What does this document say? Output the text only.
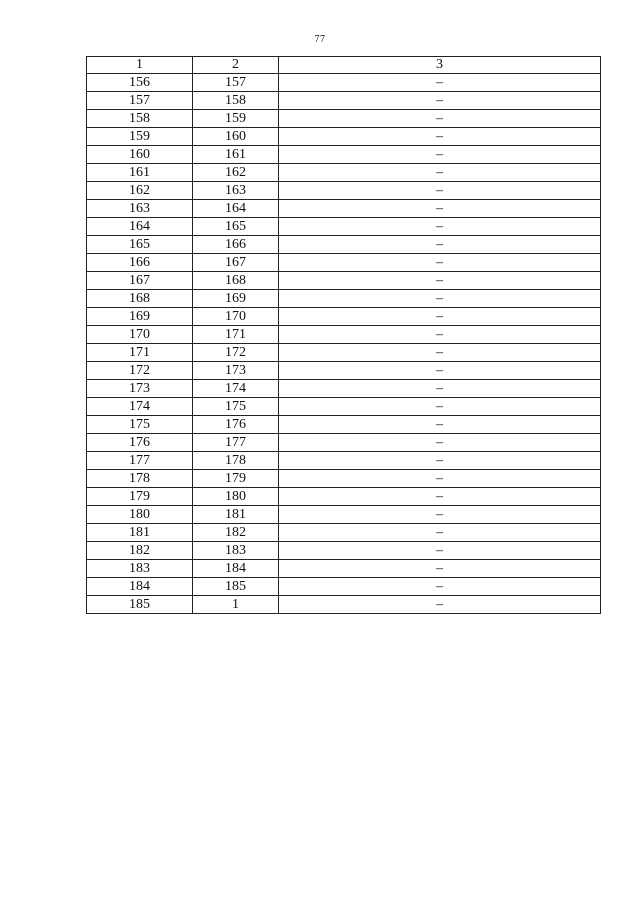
77
1	2	3
156	157	–
157	158	–
158	159	–
159	160	–
160	161	–
161	162	–
162	163	–
163	164	–
164	165	–
165	166	–
166	167	–
167	168	–
168	169	–
169	170	–
170	171	–
171	172	–
172	173	–
173	174	–
174	175	–
175	176	–
176	177	–
177	178	–
178	179	–
179	180	–
180	181	–
181	182	–
182	183	–
183	184	–
184	185	–
185	1	–
